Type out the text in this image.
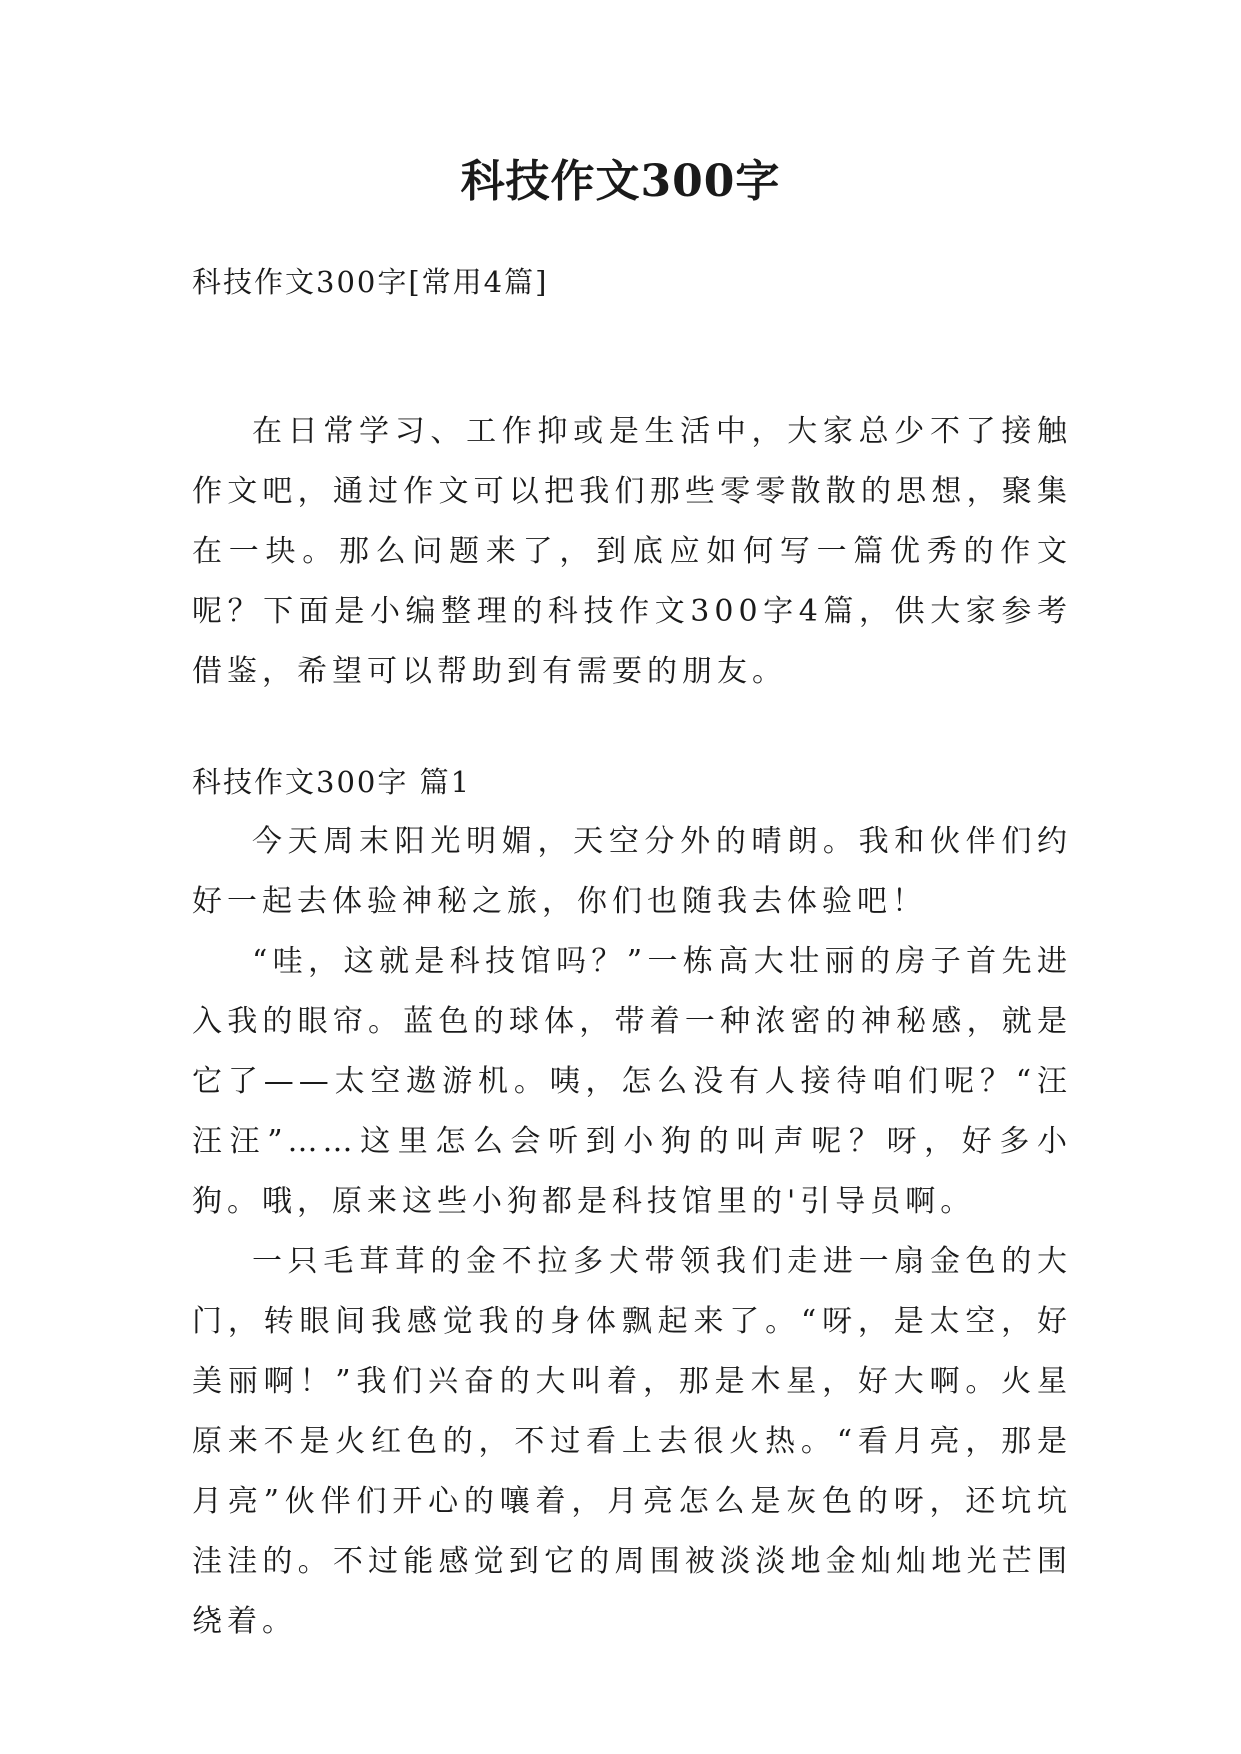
科技作文300字

科技作文300字[常用4篇]

在日常学习、工作抑或是生活中，大家总少不了接触作文吧，通过作文可以把我们那些零零散散的思想，聚集在一块。那么问题来了，到底应如何写一篇优秀的作文呢？下面是小编整理的科技作文300字4篇，供大家参考借鉴，希望可以帮助到有需要的朋友。

科技作文300字 篇1

今天周末阳光明媚，天空分外的晴朗。我和伙伴们约好一起去体验神秘之旅，你们也随我去体验吧！

“哇，这就是科技馆吗？”一栋高大壮丽的房子首先进入我的眼帘。蓝色的球体，带着一种浓密的神秘感，就是它了——太空遨游机。咦，怎么没有人接待咱们呢？“汪汪汪”……这里怎么会听到小狗的叫声呢？呀，好多小狗。哦，原来这些小狗都是科技馆里的'引导员啊。

一只毛茸茸的金不拉多犬带领我们走进一扇金色的大门，转眼间我感觉我的身体飘起来了。“呀，是太空，好美丽啊！”我们兴奋的大叫着，那是木星，好大啊。火星原来不是火红色的，不过看上去很火热。“看月亮，那是月亮”伙伴们开心的嚷着，月亮怎么是灰色的呀，还坑坑洼洼的。不过能感觉到它的周围被淡淡地金灿灿地光芒围绕着。
